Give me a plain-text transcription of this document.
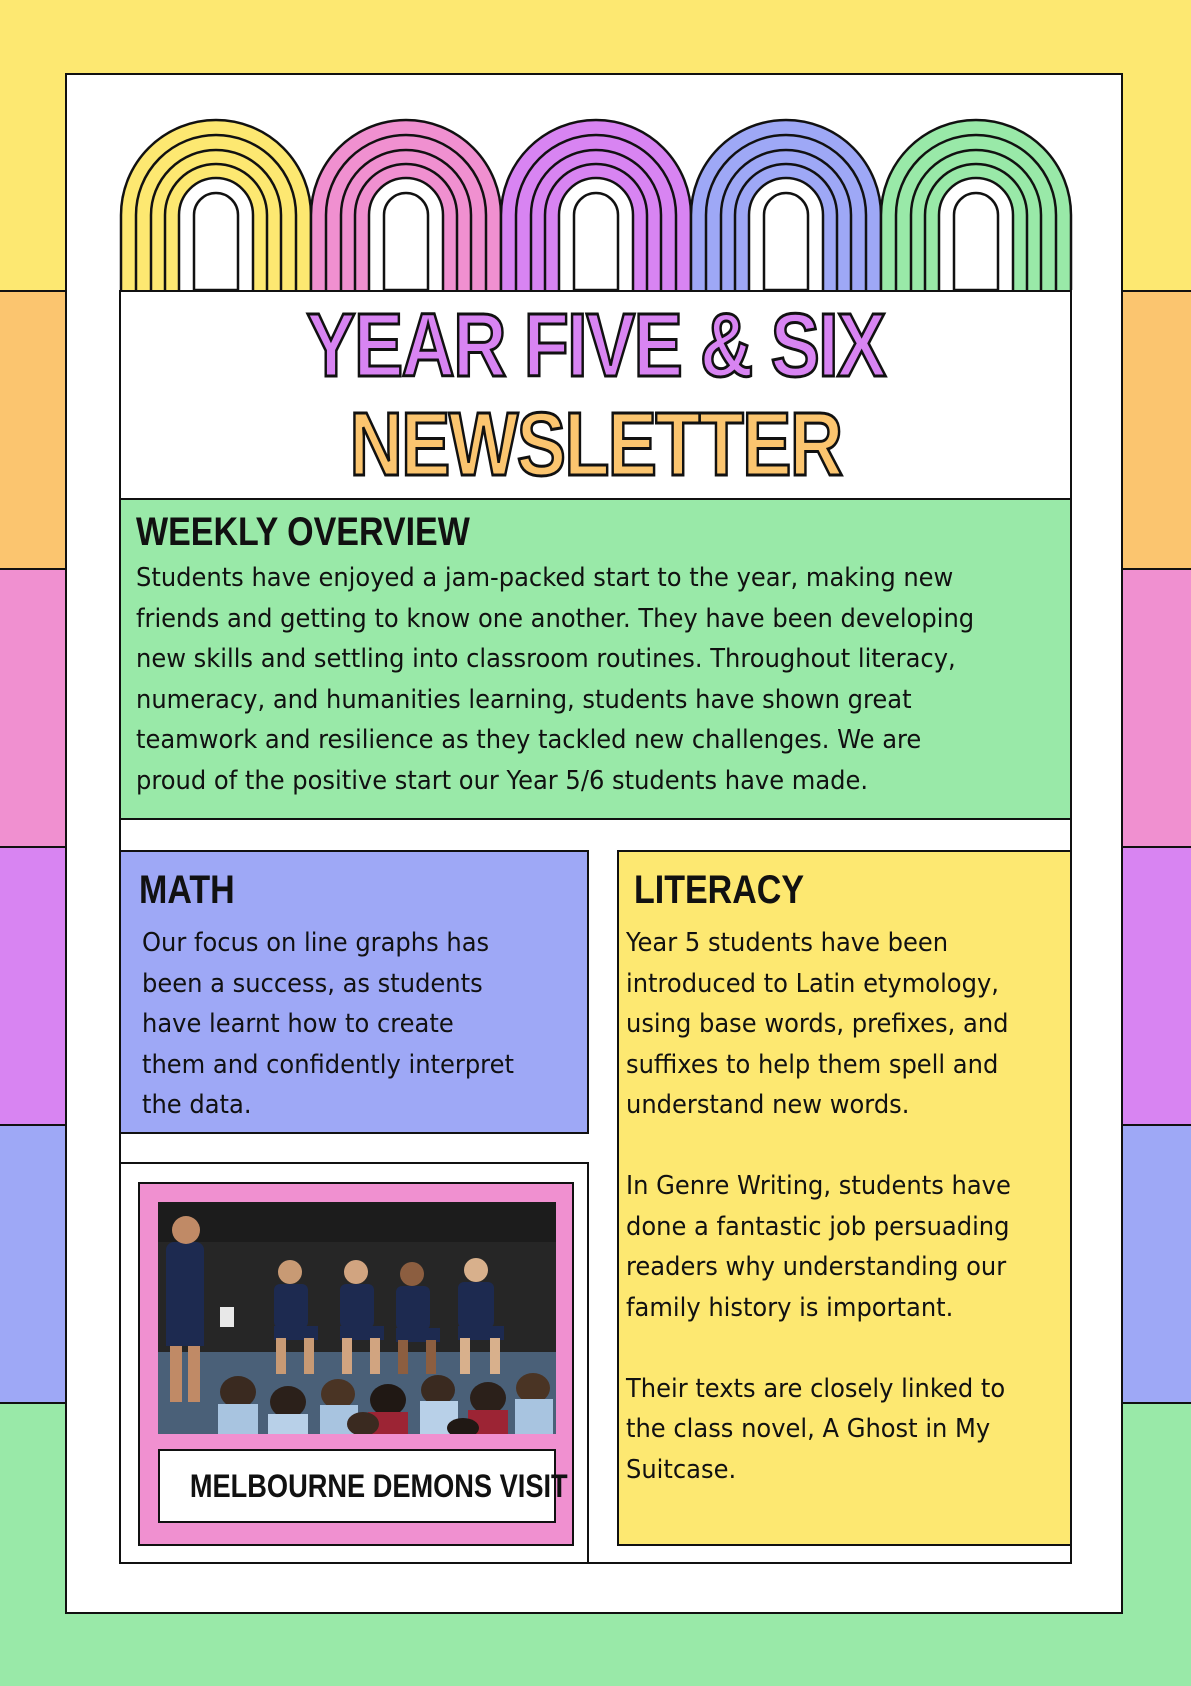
YEAR FIVE & SIX
NEWSLETTER
WEEKLY OVERVIEW
Students have enjoyed a jam-packed start to the year, making new
friends and getting to know one another. They have been developing
new skills and settling into classroom routines. Throughout literacy,
numeracy, and humanities learning, students have shown great
teamwork and resilience as they tackled new challenges. We are
proud of the positive start our Year 5/6 students have made.
MATH
Our focus on line graphs has
been a success, as students
have learnt how to create
them and confidently interpret
the data.
MELBOURNE DEMONS VISIT
LITERACY
Year 5 students have been
introduced to Latin etymology,
using base words, prefixes, and
suffixes to help them spell and
understand new words.
In Genre Writing, students have
done a fantastic job persuading
readers why understanding our
family history is important.
Their texts are closely linked to
the class novel, A Ghost in My
Suitcase.
